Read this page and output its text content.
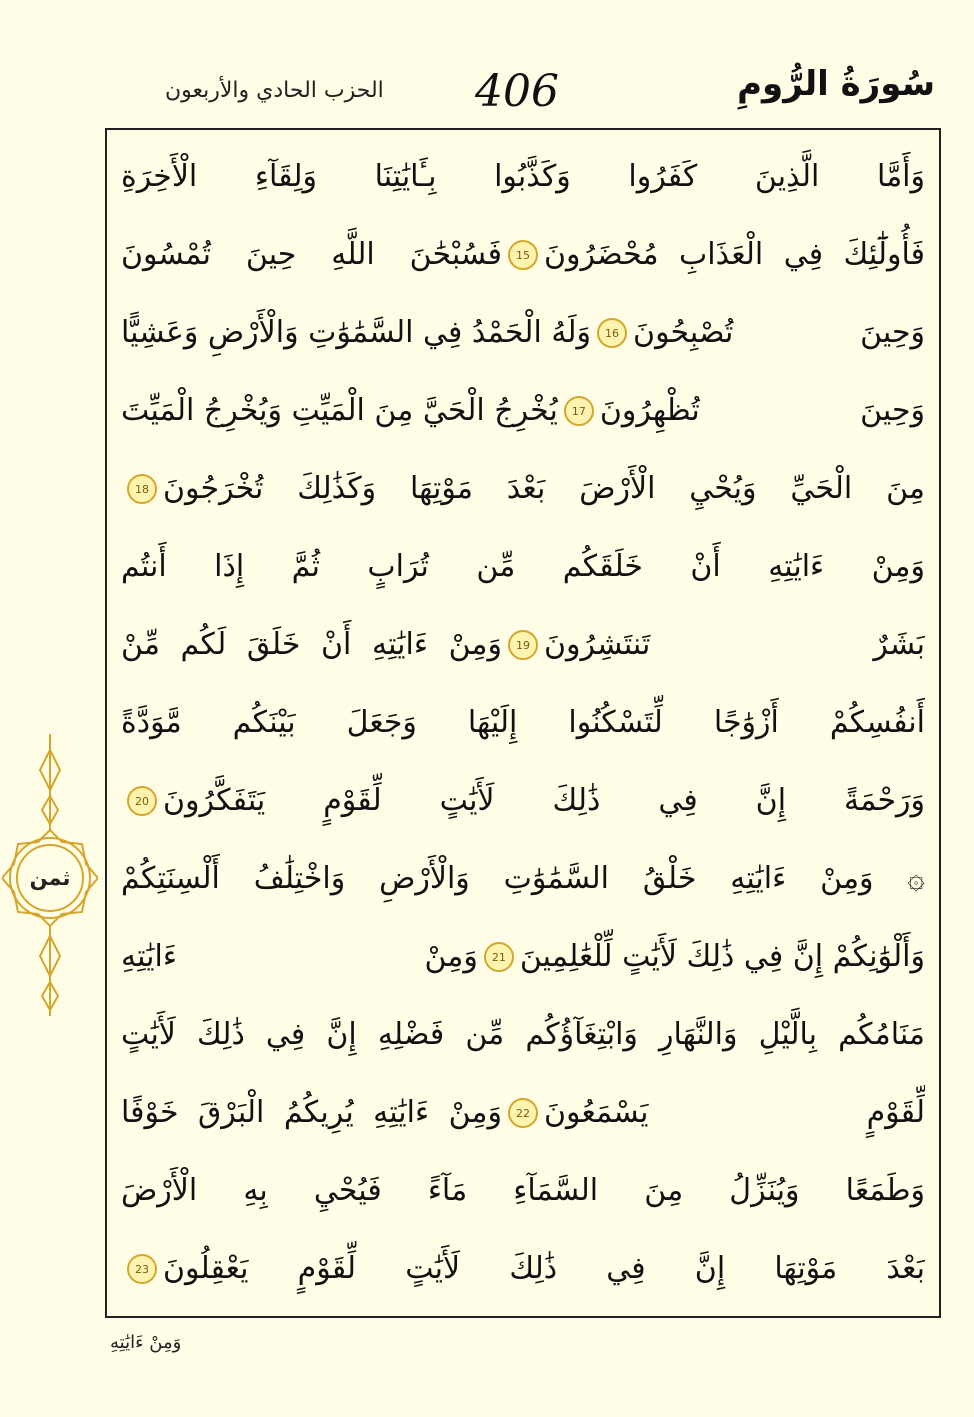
الحزب الحادي والأربعون 406	سُورَةُ الرُّومِ
وَأَمَّا الَّذِينَ كَفَرُوا وَكَذَّبُوا بِـَٔايَٰتِنَا وَلِقَآءِ الْأَخِرَةِ
فَأُولَٰٓئِكَ فِي الْعَذَابِ مُحْضَرُونَ
15
فَسُبْحَٰنَ اللَّهِ حِينَ تُمْسُونَ
وَحِينَ تُصْبِحُونَ
16
وَلَهُ الْحَمْدُ فِي السَّمَٰوَٰتِ وَالْأَرْضِ وَعَشِيًّا
وَحِينَ تُظْهِرُونَ
17
يُخْرِجُ الْحَيَّ مِنَ الْمَيِّتِ وَيُخْرِجُ الْمَيِّتَ
مِنَ الْحَيِّ وَيُحْيِ الْأَرْضَ بَعْدَ مَوْتِهَا وَكَذَٰلِكَ تُخْرَجُونَ
18
وَمِنْ ءَايَٰتِهِ أَنْ خَلَقَكُم مِّن تُرَابٍ ثُمَّ إِذَا أَنتُم
بَشَرٌ تَنتَشِرُونَ
19
وَمِنْ ءَايَٰتِهِ أَنْ خَلَقَ لَكُم مِّنْ
أَنفُسِكُمْ أَزْوَٰجًا لِّتَسْكُنُوا إِلَيْهَا وَجَعَلَ بَيْنَكُم مَّوَدَّةً
وَرَحْمَةً إِنَّ فِي ذَٰلِكَ لَأَيَٰتٍ لِّقَوْمٍ يَتَفَكَّرُونَ
20
۞ وَمِنْ ءَايَٰتِهِ خَلْقُ السَّمَٰوَٰتِ وَالْأَرْضِ وَاخْتِلَٰفُ أَلْسِنَتِكُمْ
وَأَلْوَٰنِكُمْ إِنَّ فِي ذَٰلِكَ لَأَيَٰتٍ لِّلْعَٰلِمِينَ
21
وَمِنْ ءَايَٰتِهِ
مَنَامُكُم بِالَّيْلِ وَالنَّهَارِ وَابْتِغَآؤُكُم مِّن فَضْلِهِ إِنَّ فِي ذَٰلِكَ لَأَيَٰتٍ
لِّقَوْمٍ يَسْمَعُونَ
22
وَمِنْ ءَايَٰتِهِ يُرِيكُمُ الْبَرْقَ خَوْفًا
وَطَمَعًا وَيُنَزِّلُ مِنَ السَّمَآءِ مَآءً فَيُحْيِ بِهِ الْأَرْضَ
بَعْدَ مَوْتِهَا إِنَّ فِي ذَٰلِكَ لَأَيَٰتٍ لِّقَوْمٍ يَعْقِلُونَ
23
ثمن
وَمِنْ ءَايَٰتِهِ
